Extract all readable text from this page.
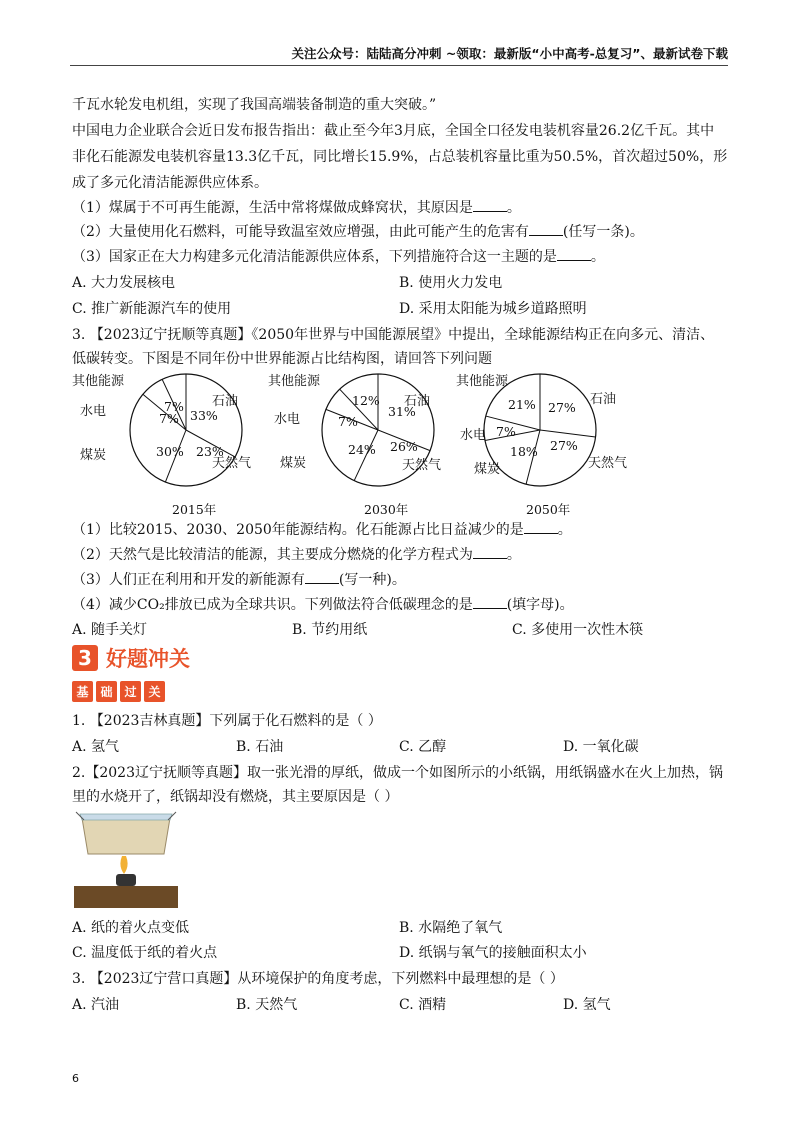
关注公众号：陆陆高分冲刺 ~领取：最新版“小中高考-总复习”、最新试卷下载
千瓦水轮发电机组，实现了我国高端装备制造的重大突破。”
中国电力企业联合会近日发布报告指出：截止至今年3月底，全国全口径发电装机容量26.2亿千瓦。其中
非化石能源发电装机容量13.3亿千瓦，同比增长15.9%，占总装机容量比重为50.5%，首次超过50%，形
成了多元化清洁能源供应体系。
（1）煤属于不可再生能源，生活中常将煤做成蜂窝状，其原因是 。
（2）大量使用化石燃料，可能导致温室效应增强，由此可能产生的危害有 (任写一条)。
（3）国家正在大力构建多元化清洁能源供应体系，下列措施符合这一主题的是 。
A. 大力发展核电	B. 使用火力发电
C. 推广新能源汽车的使用	D. 采用太阳能为城乡道路照明
3. 【2023辽宁抚顺等真题】《2050年世界与中国能源展望》中提出，全球能源结构正在向多元、清洁、
低碳转变。下图是不同年份中世界能源占比结构图，请回答下列问题
其他能源
石油
水电
煤炭
天然气
7%
7% 33%
23%
30%
2015年
其他能源
石油
水电
煤炭	天然气
12%
7%
31%
26%
24%
2030年
其他能源
石油
水电
煤炭	天然气
21%
7%
27%
27%
18%
2050年
（1）比较2015、2030、2050年能源结构。化石能源占比日益减少的是 。
（2）天然气是比较清洁的能源，其主要成分燃烧的化学方程式为 。
（3）人们正在利用和开发的新能源有 (写一种)。
（4）减少CO₂排放已成为全球共识。下列做法符合低碳理念的是 (填字母)。
A. 随手关灯	B. 节约用纸	C. 多使用一次性木筷
3 好题冲关
基 础 过 关
1. 【2023吉林真题】下列属于化石燃料的是（ ）
A. 氢气	B. 石油	C. 乙醇	D. 一氧化碳
2.【2023辽宁抚顺等真题】取一张光滑的厚纸，做成一个如图所示的小纸锅，用纸锅盛水在火上加热，锅
里的水烧开了，纸锅却没有燃烧，其主要原因是（ ）
A. 纸的着火点变低	B. 水隔绝了氧气
C. 温度低于纸的着火点	D. 纸锅与氧气的接触面积太小
3. 【2023辽宁营口真题】从环境保护的角度考虑，下列燃料中最理想的是（ ）
A. 汽油	B. 天然气	C. 酒精	D. 氢气
6
